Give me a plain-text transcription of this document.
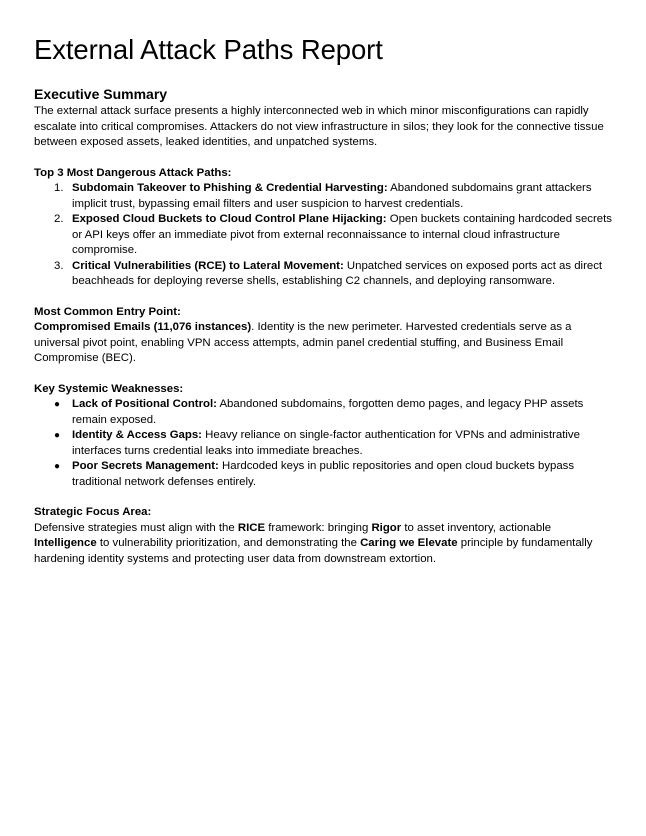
External Attack Paths Report
Executive Summary

The external attack surface presents a highly interconnected web in which minor misconfigurations can rapidly escalate into critical compromises. Attackers do not view infrastructure in silos; they look for the connective tissue between exposed assets, leaked identities, and unpatched systems.

Top 3 Most Dangerous Attack Paths:

1. Subdomain Takeover to Phishing & Credential Harvesting: Abandoned subdomains grant attackers implicit trust, bypassing email filters and user suspicion to harvest credentials.
2. Exposed Cloud Buckets to Cloud Control Plane Hijacking: Open buckets containing hardcoded secrets or API keys offer an immediate pivot from external reconnaissance to internal cloud infrastructure compromise.
3. Critical Vulnerabilities (RCE) to Lateral Movement: Unpatched services on exposed ports act as direct beachheads for deploying reverse shells, establishing C2 channels, and deploying ransomware.

Most Common Entry Point:

Compromised Emails (11,076 instances). Identity is the new perimeter. Harvested credentials serve as a universal pivot point, enabling VPN access attempts, admin panel credential stuffing, and Business Email Compromise (BEC).

Key Systemic Weaknesses:

● Lack of Positional Control: Abandoned subdomains, forgotten demo pages, and legacy PHP assets remain exposed.
● Identity & Access Gaps: Heavy reliance on single-factor authentication for VPNs and administrative interfaces turns credential leaks into immediate breaches.
● Poor Secrets Management: Hardcoded keys in public repositories and open cloud buckets bypass traditional network defenses entirely.

Strategic Focus Area:

Defensive strategies must align with the RICE framework: bringing Rigor to asset inventory, actionable Intelligence to vulnerability prioritization, and demonstrating the Caring we Elevate principle by fundamentally hardening identity systems and protecting user data from downstream extortion.
